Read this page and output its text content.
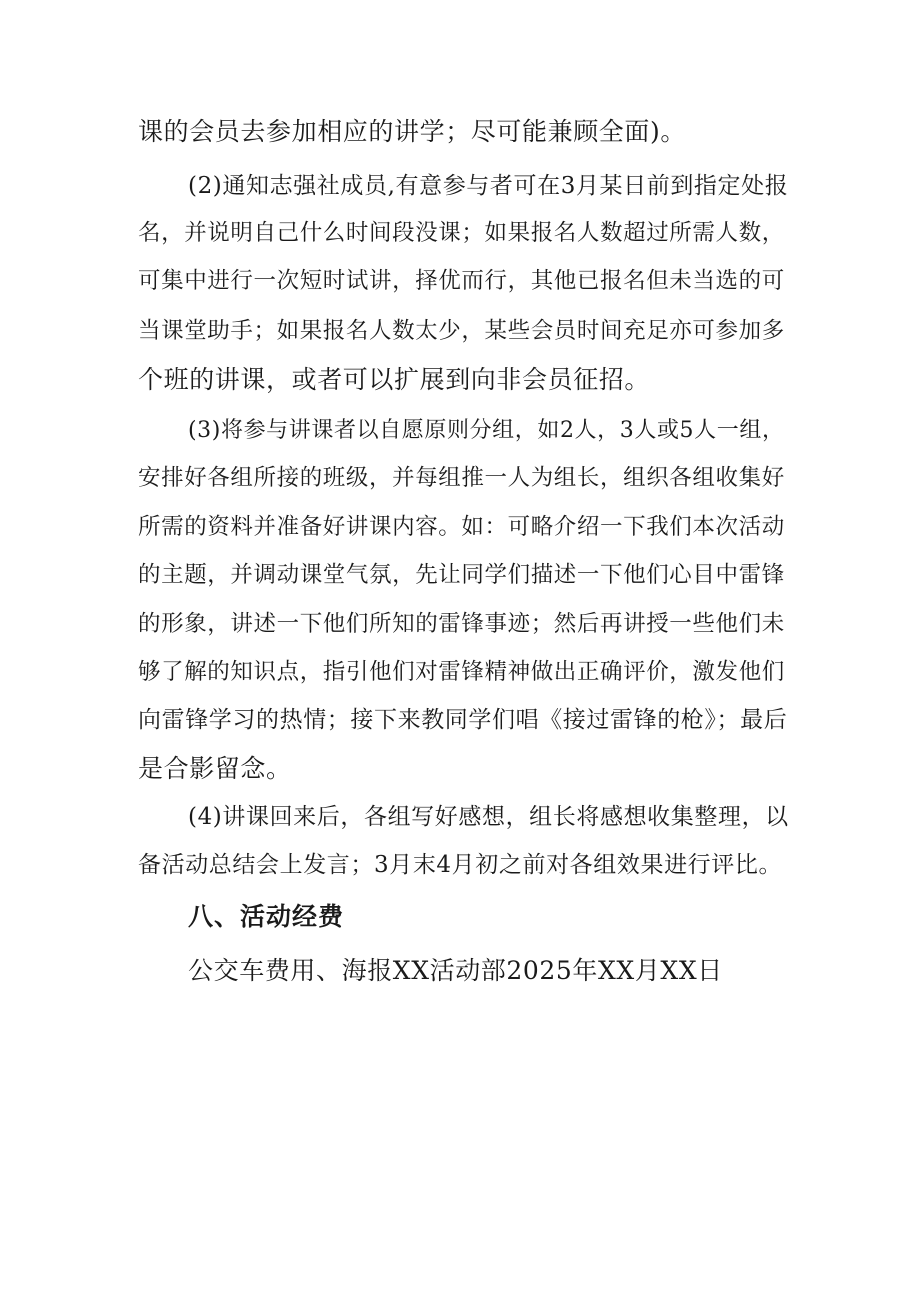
课的会员去参加相应的讲学；尽可能兼顾全面)。
(2)通知志强社成员,有意参与者可在3月某日前到指定处报
名，并说明自己什么时间段没课；如果报名人数超过所需人数，
可集中进行一次短时试讲，择优而行，其他已报名但未当选的可
当课堂助手；如果报名人数太少，某些会员时间充足亦可参加多
个班的讲课，或者可以扩展到向非会员征招。
(3)将参与讲课者以自愿原则分组，如2人，3人或5人一组，
安排好各组所接的班级，并每组推一人为组长，组织各组收集好
所需的资料并准备好讲课内容。如：可略介绍一下我们本次活动
的主题，并调动课堂气氛，先让同学们描述一下他们心目中雷锋
的形象，讲述一下他们所知的雷锋事迹；然后再讲授一些他们未
够了解的知识点，指引他们对雷锋精神做出正确评价，激发他们
向雷锋学习的热情；接下来教同学们唱《接过雷锋的枪》；最后
是合影留念。
(4)讲课回来后，各组写好感想，组长将感想收集整理，以
备活动总结会上发言；3月末4月初之前对各组效果进行评比。
八、活动经费
公交车费用、海报XX活动部2025年XX月XX日
